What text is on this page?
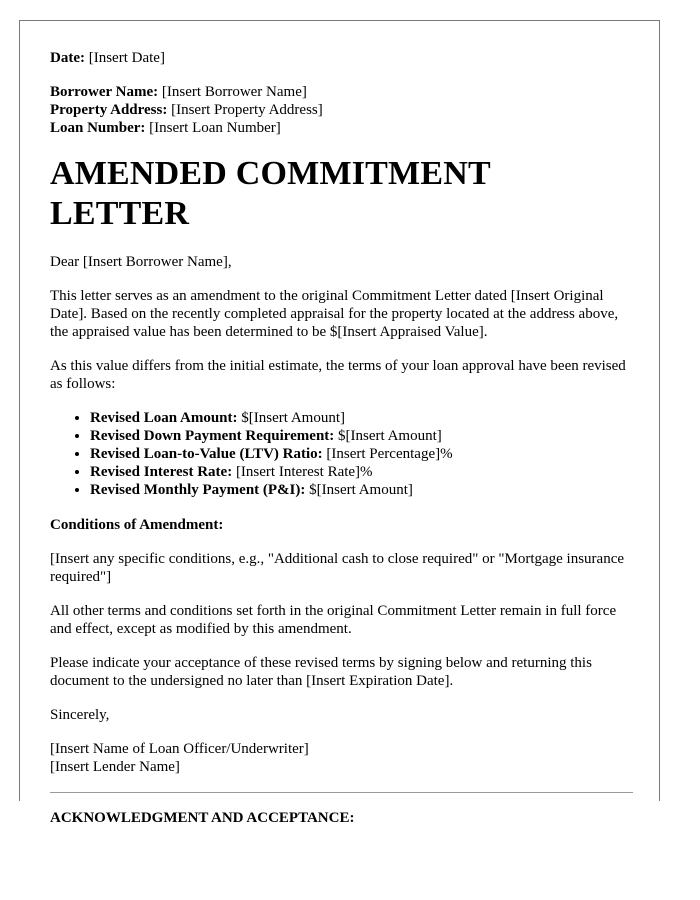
Date: [Insert Date]

Borrower Name: [Insert Borrower Name]

Property Address: [Insert Property Address]

Loan Number: [Insert Loan Number]

AMENDED COMMITMENT LETTER

Dear [Insert Borrower Name],

This letter serves as an amendment to the original Commitment Letter dated [Insert Original Date]. Based on the recently completed appraisal for the property located at the address above, the appraised value has been determined to be $[Insert Appraised Value].

As this value differs from the initial estimate, the terms of your loan approval have been revised as follows:

• Revised Loan Amount: $[Insert Amount]
• Revised Down Payment Requirement: $[Insert Amount]
• Revised Loan-to-Value (LTV) Ratio: [Insert Percentage]%
• Revised Interest Rate: [Insert Interest Rate]%
• Revised Monthly Payment (P&I): $[Insert Amount]

Conditions of Amendment:

[Insert any specific conditions, e.g., "Additional cash to close required" or "Mortgage insurance required"]

All other terms and conditions set forth in the original Commitment Letter remain in full force and effect, except as modified by this amendment.

Please indicate your acceptance of these revised terms by signing below and returning this document to the undersigned no later than [Insert Expiration Date].

Sincerely,

[Insert Name of Loan Officer/Underwriter]

[Insert Lender Name]

ACKNOWLEDGMENT AND ACCEPTANCE:
